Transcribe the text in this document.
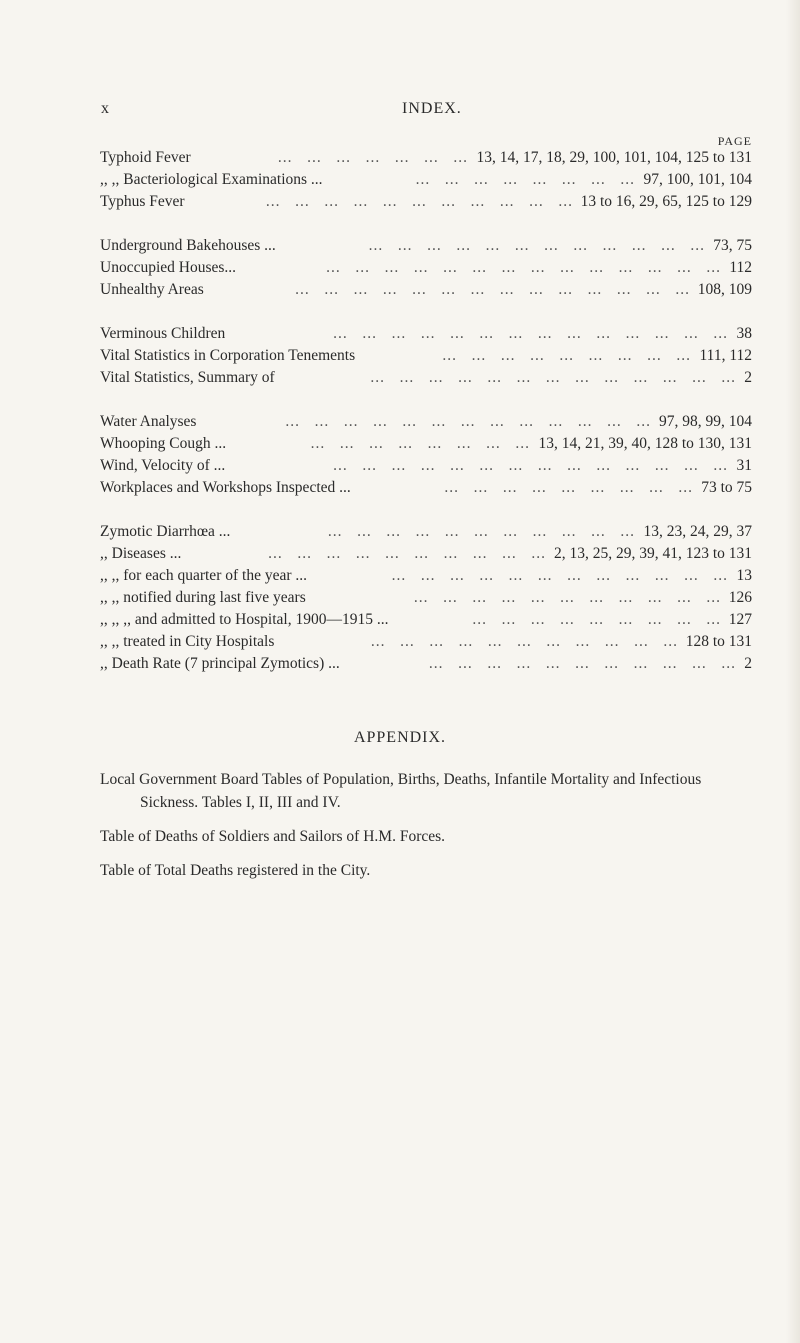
x	INDEX.
PAGE
Typhoid Fever	13, 14, 17, 18, 29, 100, 101, 104, 125 to 131
...   ...   ...   ...   ...   ...   ...
,, ,, Bacteriological Examinations ...	97, 100, 101, 104
...   ...   ...   ...   ...   ...   ...   ...
Typhus Fever	13 to 16, 29, 65, 125 to 129
...   ...   ...   ...   ...   ...   ...   ...   ...   ...   ...
Underground Bakehouses ...	73, 75
...   ...   ...   ...   ...   ...   ...   ...   ...   ...   ...   ...
Unoccupied Houses...	112
...   ...   ...   ...   ...   ...   ...   ...   ...   ...   ...   ...   ...   ...
Unhealthy Areas	108, 109
...   ...   ...   ...   ...   ...   ...   ...   ...   ...   ...   ...   ...   ...
Verminous Children	38
...   ...   ...   ...   ...   ...   ...   ...   ...   ...   ...   ...   ...   ...
Vital Statistics in Corporation Tenements	111, 112
...   ...   ...   ...   ...   ...   ...   ...   ...
Vital Statistics, Summary of	2
...   ...   ...   ...   ...   ...   ...   ...   ...   ...   ...   ...   ...
Water Analyses	97, 98, 99, 104
...   ...   ...   ...   ...   ...   ...   ...   ...   ...   ...   ...   ...
Whooping Cough ...	13, 14, 21, 39, 40, 128 to 130, 131
...   ...   ...   ...   ...   ...   ...   ...
Wind, Velocity of ...	31
...   ...   ...   ...   ...   ...   ...   ...   ...   ...   ...   ...   ...   ...
Workplaces and Workshops Inspected ...	73 to 75
...   ...   ...   ...   ...   ...   ...   ...   ...
Zymotic Diarrhœa ...	13, 23, 24, 29, 37
...   ...   ...   ...   ...   ...   ...   ...   ...   ...   ...
,, Diseases ...	2, 13, 25, 29, 39, 41, 123 to 131
...   ...   ...   ...   ...   ...   ...   ...   ...   ...
,, ,, for each quarter of the year ...	13
...   ...   ...   ...   ...   ...   ...   ...   ...   ...   ...   ...
,, ,, notified during last five years	126
...   ...   ...   ...   ...   ...   ...   ...   ...   ...   ...
,, ,, ,, and admitted to Hospital, 1900—1915 ...	127
...   ...   ...   ...   ...   ...   ...   ...   ...
,, ,, treated in City Hospitals	128 to 131
...   ...   ...   ...   ...   ...   ...   ...   ...   ...   ...
,, Death Rate (7 principal Zymotics) ...	2
...   ...   ...   ...   ...   ...   ...   ...   ...   ...   ...
APPENDIX.

Local Government Board Tables of Population, Births, Deaths, Infantile Mortality and Infectious Sickness. Tables I, II, III and IV.

Table of Deaths of Soldiers and Sailors of H.M. Forces.

Table of Total Deaths registered in the City.
